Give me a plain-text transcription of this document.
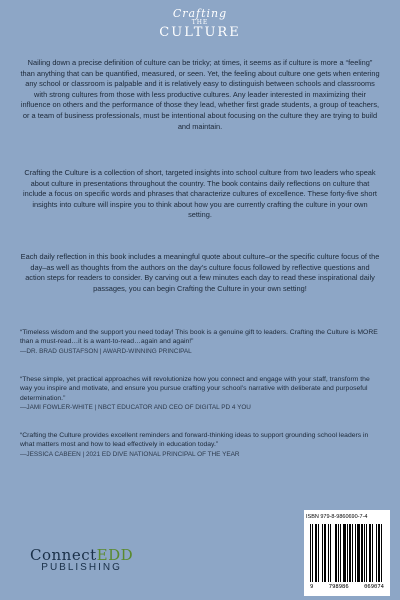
Crafting
THE
CULTURE
Nailing down a precise definition of culture can be tricky; at times, it seems as if culture is more a “feeling” than anything that can be quantified, measured, or seen. Yet, the feeling about culture one gets when entering any school or classroom is palpable and it is relatively easy to distinguish between schools and classrooms with strong cultures from those with less productive cultures. Any leader interested in maximizing their influence on others and the performance of those they lead, whether first grade students, a group of teachers, or a team of business professionals, must be intentional about focusing on the culture they are trying to build and maintain.
Crafting the Culture is a collection of short, targeted insights into school culture from two leaders who speak about culture in presentations throughout the country. The book contains daily reflections on culture that include a focus on specific words and phrases that characterize cultures of excellence. These forty-five short insights into culture will inspire you to think about how you are currently crafting the culture in your own setting.
Each daily reflection in this book includes a meaningful quote about culture–or the specific culture focus of the day–as well as thoughts from the authors on the day’s culture focus followed by reflective questions and action steps for readers to consider. By carving out a few minutes each day to read these inspirational daily passages, you can begin Crafting the Culture in your own setting!

“Timeless wisdom and the support you need today! This book is a genuine gift to leaders. Crafting the Culture is MORE than a must-read…it is a want-to-read…again and again!”

—DR. BRAD GUSTAFSON | AWARD-WINNING PRINCIPAL

“These simple, yet practical approaches will revolutionize how you connect and engage with your staff, transform the way you inspire and motivate, and ensure you pursue crafting your school’s narrative with deliberate and purposeful determination.”

—JAMI FOWLER-WHITE | NBCT EDUCATOR AND CEO OF DIGITAL PD 4 YOU

“Crafting the Culture provides excellent reminders and forward-thinking ideas to support grounding school leaders in what matters most and how to lead effectively in education today.”

—JESSICA CABEEN | 2021 ED DIVE NATIONAL PRINCIPAL OF THE YEAR

ConnectEDD
PUBLISHING
ISBN 979-8-9860690-7-4
9	798986	069074
